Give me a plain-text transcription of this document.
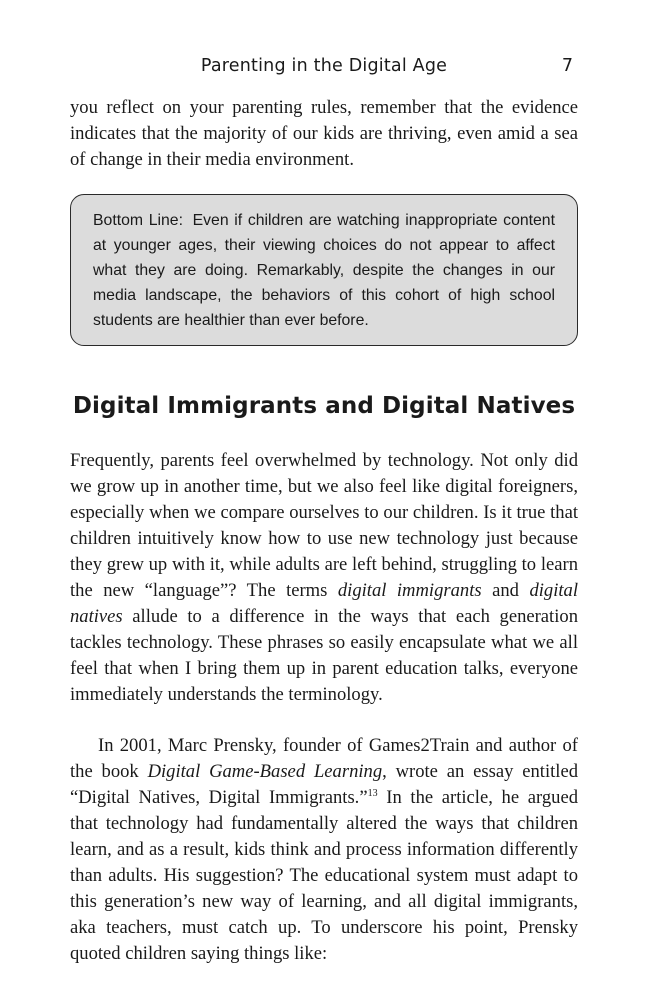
Parenting in the Digital Age	7

you reflect on your parenting rules, remember that the evidence indicates that the majority of our kids are thriving, even amid a sea of change in their media environment.

Bottom Line: Even if children are watching inappropriate content at younger ages, their viewing choices do not appear to affect what they are doing. Remarkably, despite the changes in our media landscape, the behaviors of this cohort of high school students are healthier than ever before.
Digital Immigrants and Digital Natives

Frequently, parents feel overwhelmed by technology. Not only did we grow up in another time, but we also feel like digital foreigners, especially when we compare ourselves to our children. Is it true that children intuitively know how to use new technology just because they grew up with it, while adults are left behind, struggling to learn the new “language”? The terms digital immigrants and digital natives allude to a difference in the ways that each generation tackles technology. These phrases so easily encapsulate what we all feel that when I bring them up in parent education talks, everyone immediately understands the terminology.

In 2001, Marc Prensky, founder of Games2Train and author of the book Digital Game-Based Learning, wrote an essay entitled “Digital Natives, Digital Immigrants.”$^{13}$ In the article, he argued that technology had fundamentally altered the ways that children learn, and as a result, kids think and process information differently than adults. His suggestion? The educational system must adapt to this generation’s new way of learning, and all digital immigrants, aka teachers, must catch up. To underscore his point, Prensky quoted children saying things like:
